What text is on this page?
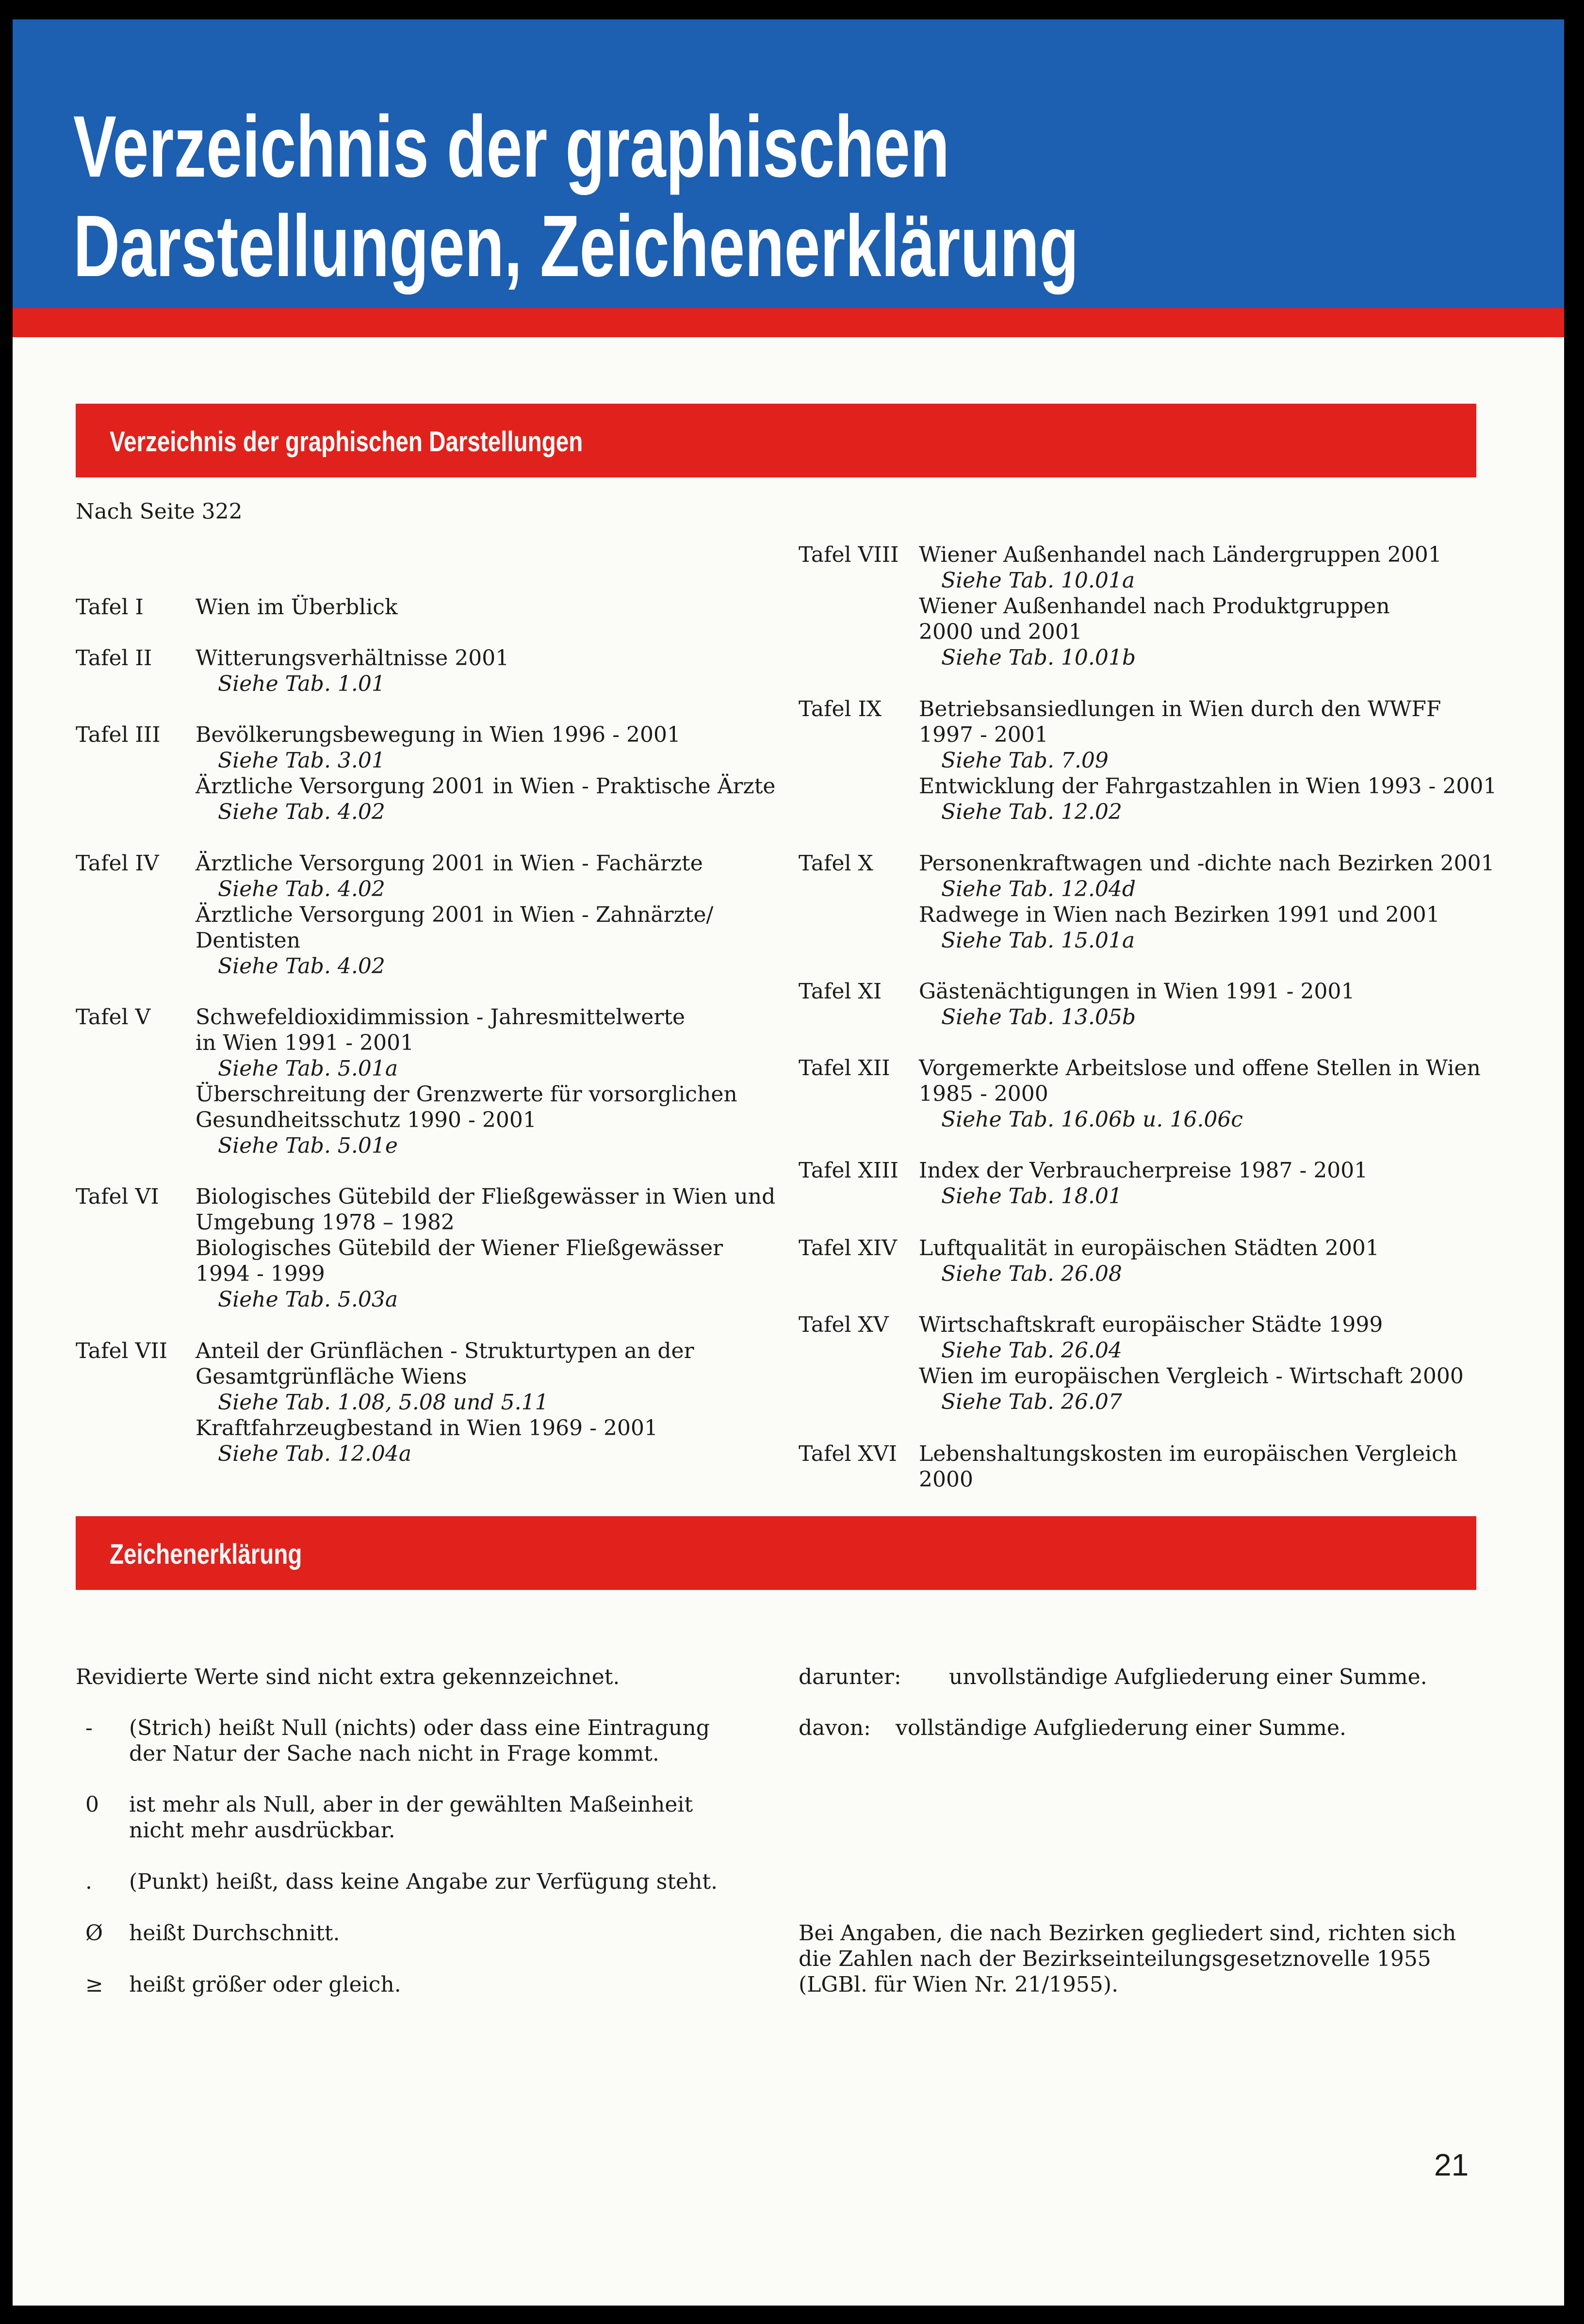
Verzeichnis der graphischen
Darstellungen, Zeichenerklärung
Verzeichnis der graphischen Darstellungen
Nach Seite 322
Tafel I Wien im Überblick
Tafel II Witterungsverhältnisse 2001
Siehe Tab. 1.01
Tafel III Bevölkerungsbewegung in Wien 1996 - 2001
Siehe Tab. 3.01
Ärztliche Versorgung 2001 in Wien - Praktische Ärzte
Siehe Tab. 4.02
Tafel IV Ärztliche Versorgung 2001 in Wien - Fachärzte
Siehe Tab. 4.02
Ärztliche Versorgung 2001 in Wien - Zahnärzte/
Dentisten
Siehe Tab. 4.02
Tafel V Schwefeldioxidimmission - Jahresmittelwerte
in Wien 1991 - 2001
Siehe Tab. 5.01a
Überschreitung der Grenzwerte für vorsorglichen
Gesundheitsschutz 1990 - 2001
Siehe Tab. 5.01e
Tafel VI Biologisches Gütebild der Fließgewässer in Wien und
Umgebung 1978 – 1982
Biologisches Gütebild der Wiener Fließgewässer
1994 - 1999
Siehe Tab. 5.03a
Tafel VII Anteil der Grünflächen - Strukturtypen an der
Gesamtgrünfläche Wiens
Siehe Tab. 1.08, 5.08 und 5.11
Kraftfahrzeugbestand in Wien 1969 - 2001
Siehe Tab. 12.04a
Tafel VIII Wiener Außenhandel nach Ländergruppen 2001
Siehe Tab. 10.01a
Wiener Außenhandel nach Produktgruppen
2000 und 2001
Siehe Tab. 10.01b
Tafel IX Betriebsansiedlungen in Wien durch den WWFF
1997 - 2001
Siehe Tab. 7.09
Entwicklung der Fahrgastzahlen in Wien 1993 - 2001
Siehe Tab. 12.02
Tafel X Personenkraftwagen und -dichte nach Bezirken 2001
Siehe Tab. 12.04d
Radwege in Wien nach Bezirken 1991 und 2001
Siehe Tab. 15.01a
Tafel XI Gästenächtigungen in Wien 1991 - 2001
Siehe Tab. 13.05b
Tafel XII Vorgemerkte Arbeitslose und offene Stellen in Wien
1985 - 2000
Siehe Tab. 16.06b u. 16.06c
Tafel XIII Index der Verbraucherpreise 1987 - 2001
Siehe Tab. 18.01
Tafel XIV Luftqualität in europäischen Städten 2001
Siehe Tab. 26.08
Tafel XV Wirtschaftskraft europäischer Städte 1999
Siehe Tab. 26.04
Wien im europäischen Vergleich - Wirtschaft 2000
Siehe Tab. 26.07
Tafel XVI Lebenshaltungskosten im europäischen Vergleich
2000
Zeichenerklärung
Revidierte Werte sind nicht extra gekennzeichnet.
- (Strich) heißt Null (nichts) oder dass eine Eintragung
der Natur der Sache nach nicht in Frage kommt.
0 ist mehr als Null, aber in der gewählten Maßeinheit
nicht mehr ausdrückbar.
. (Punkt) heißt, dass keine Angabe zur Verfügung steht.
Ø heißt Durchschnitt.
≥ heißt größer oder gleich.
darunter: unvollständige Aufgliederung einer Summe.
davon: vollständige Aufgliederung einer Summe.
Bei Angaben, die nach Bezirken gegliedert sind, richten sich
die Zahlen nach der Bezirkseinteilungsgesetznovelle 1955
(LGBl. für Wien Nr. 21/1955).
21
